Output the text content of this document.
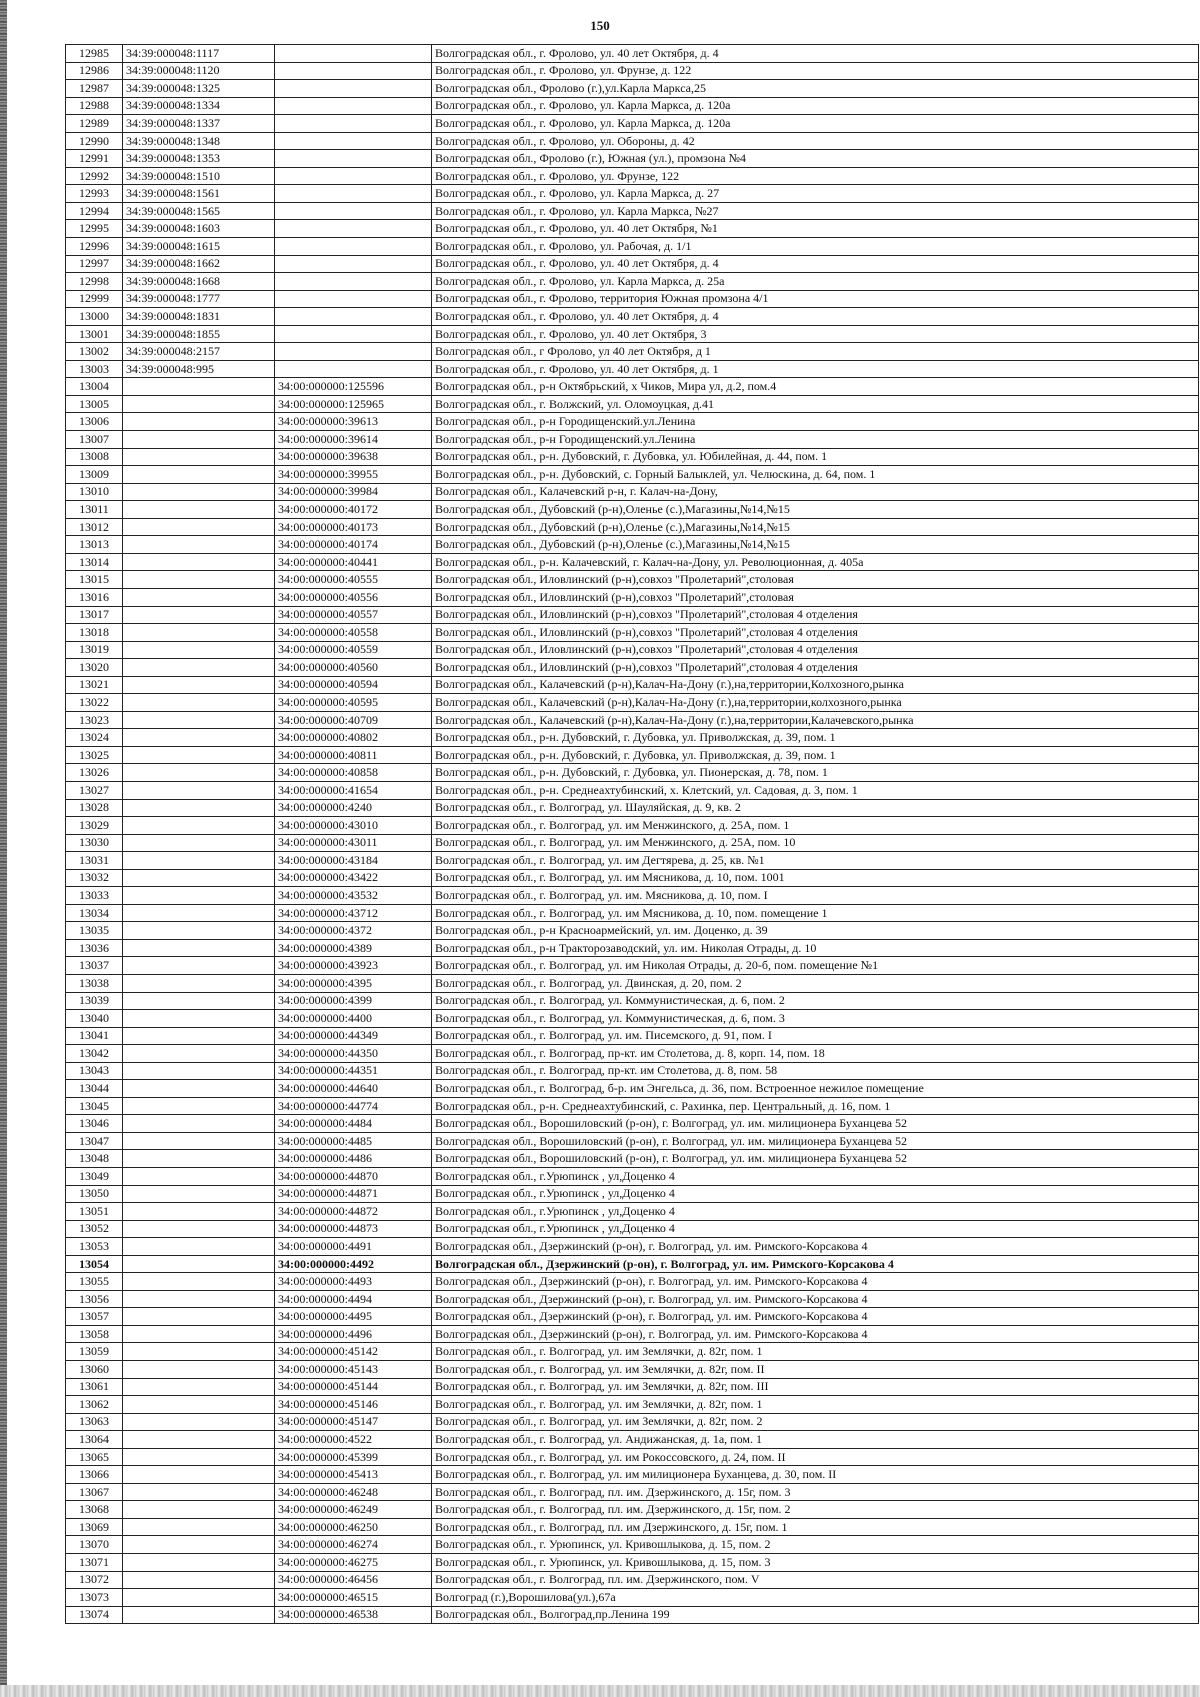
150
12985	34:39:000048:1117		Волгоградская обл., г. Фролово, ул. 40 лет Октября, д. 4
12986	34:39:000048:1120		Волгоградская обл., г. Фролово, ул. Фрунзе, д. 122
12987	34:39:000048:1325		Волгоградская обл., Фролово (г.),ул.Карла Маркса,25
12988	34:39:000048:1334		Волгоградская обл., г. Фролово, ул. Карла Маркса, д. 120а
12989	34:39:000048:1337		Волгоградская обл., г. Фролово, ул. Карла Маркса, д. 120а
12990	34:39:000048:1348		Волгоградская обл., г. Фролово, ул. Обороны, д. 42
12991	34:39:000048:1353		Волгоградская обл., Фролово (г.), Южная (ул.), промзона №4
12992	34:39:000048:1510		Волгоградская обл., г. Фролово, ул. Фрунзе, 122
12993	34:39:000048:1561		Волгоградская обл., г. Фролово, ул. Карла Маркса, д. 27
12994	34:39:000048:1565		Волгоградская обл., г. Фролово, ул. Карла Маркса, №27
12995	34:39:000048:1603		Волгоградская обл., г. Фролово, ул. 40 лет Октября, №1
12996	34:39:000048:1615		Волгоградская обл., г. Фролово, ул. Рабочая, д. 1/1
12997	34:39:000048:1662		Волгоградская обл., г. Фролово, ул. 40 лет Октября, д. 4
12998	34:39:000048:1668		Волгоградская обл., г. Фролово, ул. Карла Маркса, д. 25а
12999	34:39:000048:1777		Волгоградская обл., г. Фролово, территория Южная промзона 4/1
13000	34:39:000048:1831		Волгоградская обл., г. Фролово, ул. 40 лет Октября, д. 4
13001	34:39:000048:1855		Волгоградская обл., г. Фролово, ул. 40 лет Октября, 3
13002	34:39:000048:2157		Волгоградская обл., г Фролово, ул 40 лет Октября, д 1
13003	34:39:000048:995		Волгоградская обл., г. Фролово, ул. 40 лет Октября, д. 1
13004		34:00:000000:125596	Волгоградская обл., р-н Октябрьский, х Чиков, Мира ул, д.2, пом.4
13005		34:00:000000:125965	Волгоградская обл., г. Волжский, ул. Оломоуцкая, д.41
13006		34:00:000000:39613	Волгоградская обл., р-н Городищенский.ул.Ленина
13007		34:00:000000:39614	Волгоградская обл., р-н Городищенский.ул.Ленина
13008		34:00:000000:39638	Волгоградская обл., р-н. Дубовский, г. Дубовка, ул. Юбилейная, д. 44, пом. 1
13009		34:00:000000:39955	Волгоградская обл., р-н. Дубовский, с. Горный Балыклей, ул. Челюскина, д. 64, пом. 1
13010		34:00:000000:39984	Волгоградская обл., Калачевский р-н, г. Калач-на-Дону,
13011		34:00:000000:40172	Волгоградская обл., Дубовский (р-н),Оленье (с.),Магазины,№14,№15
13012		34:00:000000:40173	Волгоградская обл., Дубовский (р-н),Оленье (с.),Магазины,№14,№15
13013		34:00:000000:40174	Волгоградская обл., Дубовский (р-н),Оленье (с.),Магазины,№14,№15
13014		34:00:000000:40441	Волгоградская обл., р-н. Калачевский, г. Калач-на-Дону, ул. Революционная, д. 405а
13015		34:00:000000:40555	Волгоградская обл., Иловлинский (р-н),совхоз "Пролетарий",столовая
13016		34:00:000000:40556	Волгоградская обл., Иловлинский (р-н),совхоз "Пролетарий",столовая
13017		34:00:000000:40557	Волгоградская обл., Иловлинский (р-н),совхоз "Пролетарий",столовая 4 отделения
13018		34:00:000000:40558	Волгоградская обл., Иловлинский (р-н),совхоз "Пролетарий",столовая 4 отделения
13019		34:00:000000:40559	Волгоградская обл., Иловлинский (р-н),совхоз "Пролетарий",столовая 4 отделения
13020		34:00:000000:40560	Волгоградская обл., Иловлинский (р-н),совхоз "Пролетарий",столовая 4 отделения
13021		34:00:000000:40594	Волгоградская обл., Калачевский (р-н),Калач-На-Дону (г.),на,территории,Колхозного,рынка
13022		34:00:000000:40595	Волгоградская обл., Калачевский (р-н),Калач-На-Дону (г.),на,территории,колхозного,рынка
13023		34:00:000000:40709	Волгоградская обл., Калачевский (р-н),Калач-На-Дону (г.),на,территории,Калачевского,рынка
13024		34:00:000000:40802	Волгоградская обл., р-н. Дубовский, г. Дубовка, ул. Приволжская, д. 39, пом. 1
13025		34:00:000000:40811	Волгоградская обл., р-н. Дубовский, г. Дубовка, ул. Приволжская, д. 39, пом. 1
13026		34:00:000000:40858	Волгоградская обл., р-н. Дубовский, г. Дубовка, ул. Пионерская, д. 78, пом. 1
13027		34:00:000000:41654	Волгоградская обл., р-н. Среднеахтубинский, х. Клетский, ул. Садовая, д. 3, пом. 1
13028		34:00:000000:4240	Волгоградская обл., г. Волгоград, ул. Шауляйская, д. 9, кв. 2
13029		34:00:000000:43010	Волгоградская обл., г. Волгоград, ул. им Менжинского, д. 25А, пом. 1
13030		34:00:000000:43011	Волгоградская обл., г. Волгоград, ул. им Менжинского, д. 25А, пом. 10
13031		34:00:000000:43184	Волгоградская обл., г. Волгоград, ул. им Дегтярева, д. 25, кв. №1
13032		34:00:000000:43422	Волгоградская обл., г. Волгоград, ул. им Мясникова, д. 10, пом. 1001
13033		34:00:000000:43532	Волгоградская обл., г. Волгоград, ул. им. Мясникова, д. 10, пом. I
13034		34:00:000000:43712	Волгоградская обл., г. Волгоград, ул. им Мясникова, д. 10, пом. помещение 1
13035		34:00:000000:4372	Волгоградская обл., р-н Красноармейский, ул. им. Доценко, д. 39
13036		34:00:000000:4389	Волгоградская обл., р-н Тракторозаводский, ул. им. Николая Отрады, д. 10
13037		34:00:000000:43923	Волгоградская обл., г. Волгоград, ул. им Николая Отрады, д. 20-б, пом. помещение №1
13038		34:00:000000:4395	Волгоградская обл., г. Волгоград, ул. Двинская, д. 20, пом. 2
13039		34:00:000000:4399	Волгоградская обл., г. Волгоград, ул. Коммунистическая, д. 6, пом. 2
13040		34:00:000000:4400	Волгоградская обл., г. Волгоград, ул. Коммунистическая, д. 6, пом. 3
13041		34:00:000000:44349	Волгоградская обл., г. Волгоград, ул. им. Писемского, д. 91, пом. I
13042		34:00:000000:44350	Волгоградская обл., г. Волгоград, пр-кт. им Столетова, д. 8, корп. 14, пом. 18
13043		34:00:000000:44351	Волгоградская обл., г. Волгоград, пр-кт. им Столетова, д. 8, пом. 58
13044		34:00:000000:44640	Волгоградская обл., г. Волгоград, б-р. им Энгельса, д. 36, пом. Встроенное нежилое помещение
13045		34:00:000000:44774	Волгоградская обл., р-н. Среднеахтубинский, с. Рахинка, пер. Центральный, д. 16, пом. 1
13046		34:00:000000:4484	Волгоградская обл., Ворошиловский (р-он), г. Волгоград, ул. им. милиционера Буханцева 52
13047		34:00:000000:4485	Волгоградская обл., Ворошиловский (р-он), г. Волгоград, ул. им. милиционера Буханцева 52
13048		34:00:000000:4486	Волгоградская обл., Ворошиловский (р-он), г. Волгоград, ул. им. милиционера Буханцева 52
13049		34:00:000000:44870	Волгоградская обл., г.Урюпинск , ул,Доценко 4
13050		34:00:000000:44871	Волгоградская обл., г.Урюпинск , ул,Доценко 4
13051		34:00:000000:44872	Волгоградская обл., г.Урюпинск , ул,Доценко 4
13052		34:00:000000:44873	Волгоградская обл., г.Урюпинск , ул,Доценко 4
13053		34:00:000000:4491	Волгоградская обл., Дзержинский (р-он), г. Волгоград, ул. им. Римского-Корсакова 4
13054		34:00:000000:4492	Волгоградская обл., Дзержинский (р-он), г. Волгоград, ул. им. Римского-Корсакова 4
13055		34:00:000000:4493	Волгоградская обл., Дзержинский (р-он), г. Волгоград, ул. им. Римского-Корсакова 4
13056		34:00:000000:4494	Волгоградская обл., Дзержинский (р-он), г. Волгоград, ул. им. Римского-Корсакова 4
13057		34:00:000000:4495	Волгоградская обл., Дзержинский (р-он), г. Волгоград, ул. им. Римского-Корсакова 4
13058		34:00:000000:4496	Волгоградская обл., Дзержинский (р-он), г. Волгоград, ул. им. Римского-Корсакова 4
13059		34:00:000000:45142	Волгоградская обл., г. Волгоград, ул. им Землячки, д. 82г, пом. 1
13060		34:00:000000:45143	Волгоградская обл., г. Волгоград, ул. им Землячки, д. 82г, пом. II
13061		34:00:000000:45144	Волгоградская обл., г. Волгоград, ул. им Землячки, д. 82г, пом. III
13062		34:00:000000:45146	Волгоградская обл., г. Волгоград, ул. им Землячки, д. 82г, пом. 1
13063		34:00:000000:45147	Волгоградская обл., г. Волгоград, ул. им Землячки, д. 82г, пом. 2
13064		34:00:000000:4522	Волгоградская обл., г. Волгоград, ул. Андижанская, д. 1а, пом. 1
13065		34:00:000000:45399	Волгоградская обл., г. Волгоград, ул. им Рокоссовского, д. 24, пом. II
13066		34:00:000000:45413	Волгоградская обл., г. Волгоград, ул. им милиционера Буханцева, д. 30, пом. II
13067		34:00:000000:46248	Волгоградская обл., г. Волгоград, пл. им. Дзержинского, д. 15г, пом. 3
13068		34:00:000000:46249	Волгоградская обл., г. Волгоград, пл. им. Дзержинского, д. 15г, пом. 2
13069		34:00:000000:46250	Волгоградская обл., г. Волгоград, пл. им Дзержинского, д. 15г, пом. 1
13070		34:00:000000:46274	Волгоградская обл., г. Урюпинск, ул. Кривошлыкова, д. 15, пом. 2
13071		34:00:000000:46275	Волгоградская обл., г. Урюпинск, ул. Кривошлыкова, д. 15, пом. 3
13072		34:00:000000:46456	Волгоградская обл., г. Волгоград, пл. им. Дзержинского, пом. V
13073		34:00:000000:46515	Волгоград (г.),Ворошилова(ул.),67а
13074		34:00:000000:46538	Волгоградская обл., Волгоград,пр.Ленина 199
